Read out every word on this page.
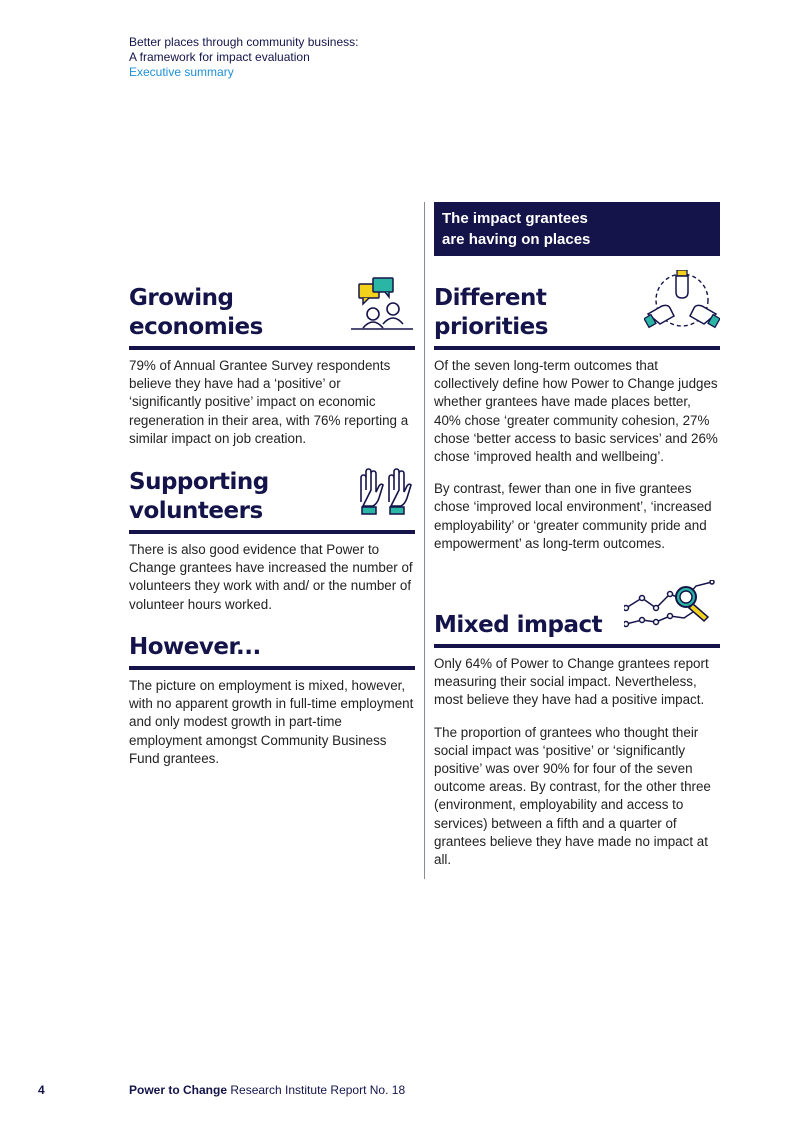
Better places through community business:
A framework for impact evaluation
Executive summary
The impact grantees
are having on places
Growing
economies
79% of Annual Grantee Survey respondents believe they have had a ‘positive’ or ‘significantly positive’ impact on economic regeneration in their area, with 76% reporting a similar impact on job creation.
Supporting
volunteers
There is also good evidence that Power to Change grantees have increased the number of volunteers they work with and/ or the number of volunteer hours worked.
However...
The picture on employment is mixed, however, with no apparent growth in full-time employment and only modest growth in part-time employment amongst Community Business Fund grantees.
Different
priorities

Of the seven long-term outcomes that collectively define how Power to Change judges whether grantees have made places better, 40% chose ‘greater community cohesion, 27% chose ‘better access to basic services’ and 26% chose ‘improved health and wellbeing’.

By contrast, fewer than one in five grantees chose ‘improved local environment’, ‘increased employability’ or ‘greater community pride and empowerment’ as long-term outcomes.

Mixed impact

Only 64% of Power to Change grantees report measuring their social impact. Nevertheless, most believe they have had a positive impact.

The proportion of grantees who thought their social impact was ‘positive’ or ‘significantly positive’ was over 90% for four of the seven outcome areas. By contrast, for the other three (environment, employability and access to services) between a fifth and a quarter of grantees believe they have made no impact at all.

4	Power to Change Research Institute Report No. 18
